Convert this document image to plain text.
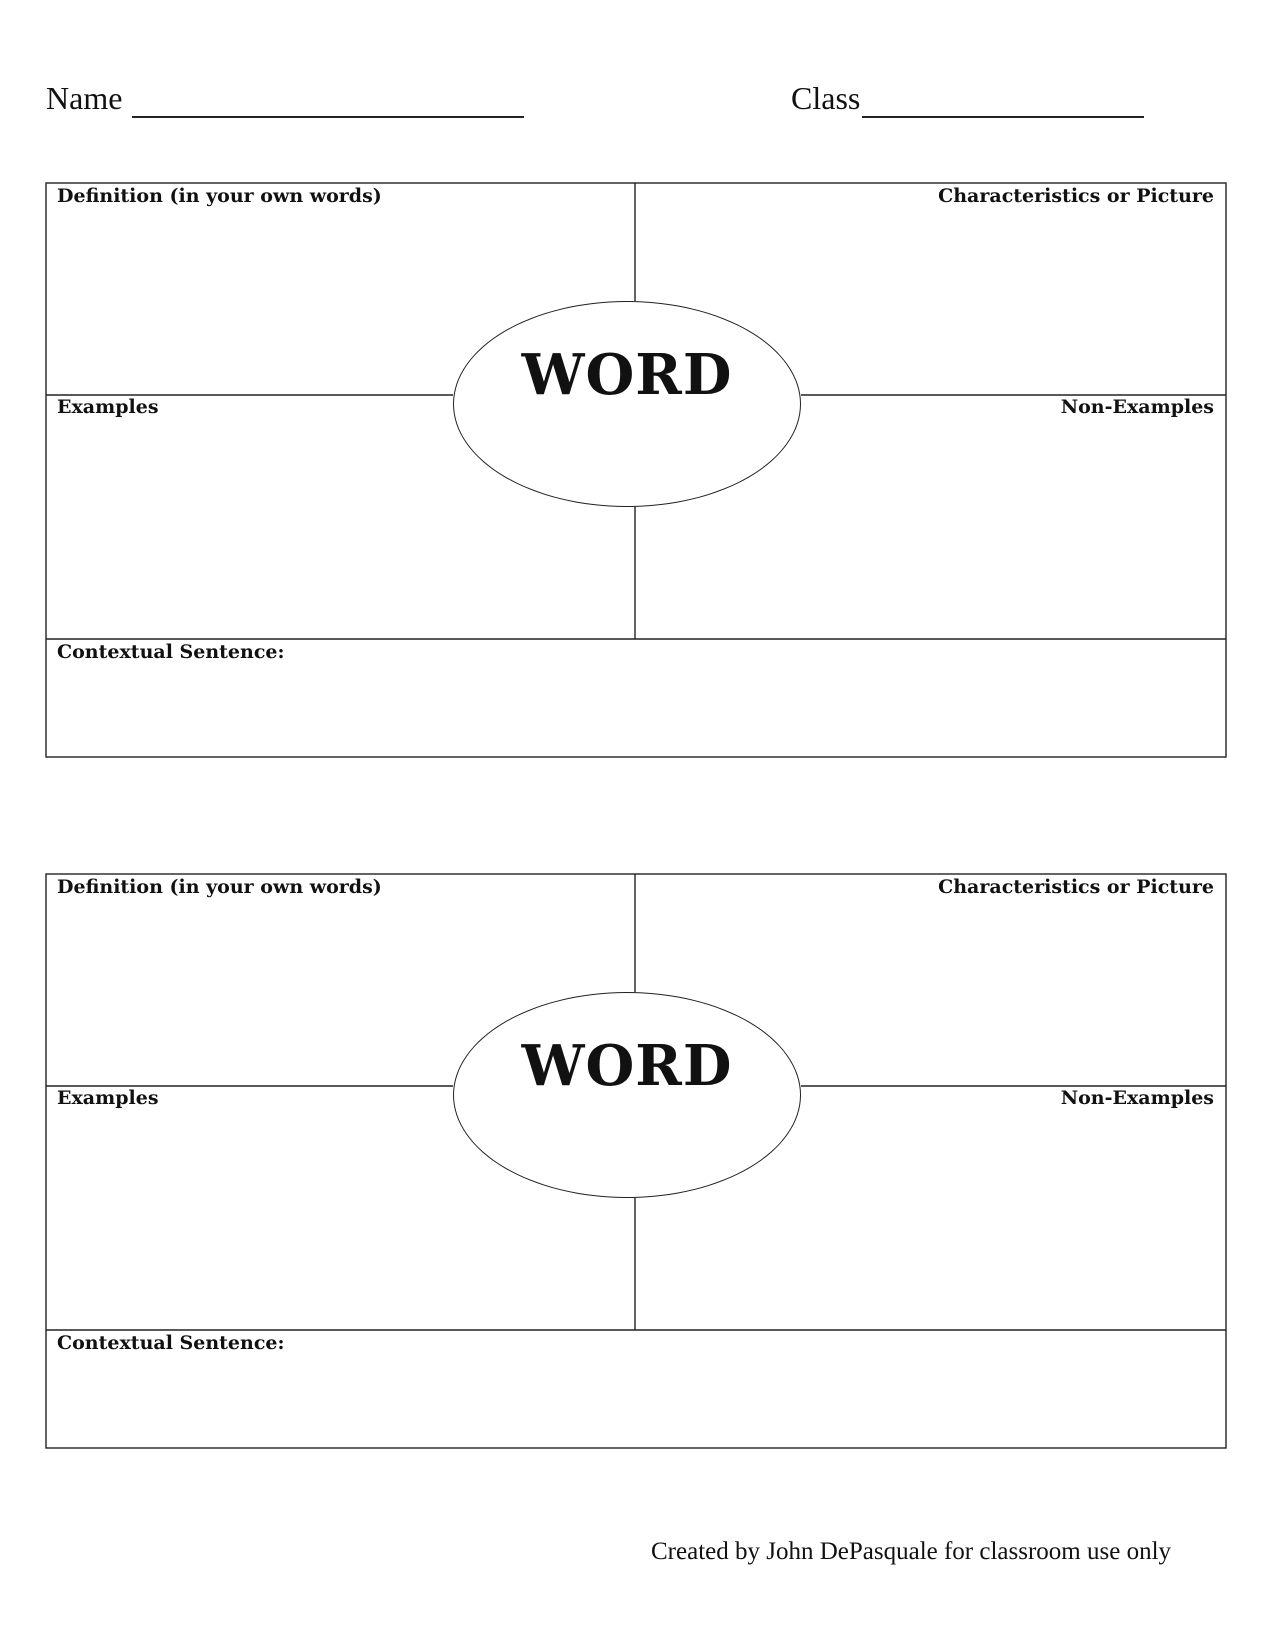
Name	Class
Definition (in your own words)	Characteristics or Picture
Examples	Non-Examples
Contextual Sentence:
WORD
Definition (in your own words)	Characteristics or Picture
Examples	Non-Examples
Contextual Sentence:
WORD
Created by John DePasquale for classroom use only
